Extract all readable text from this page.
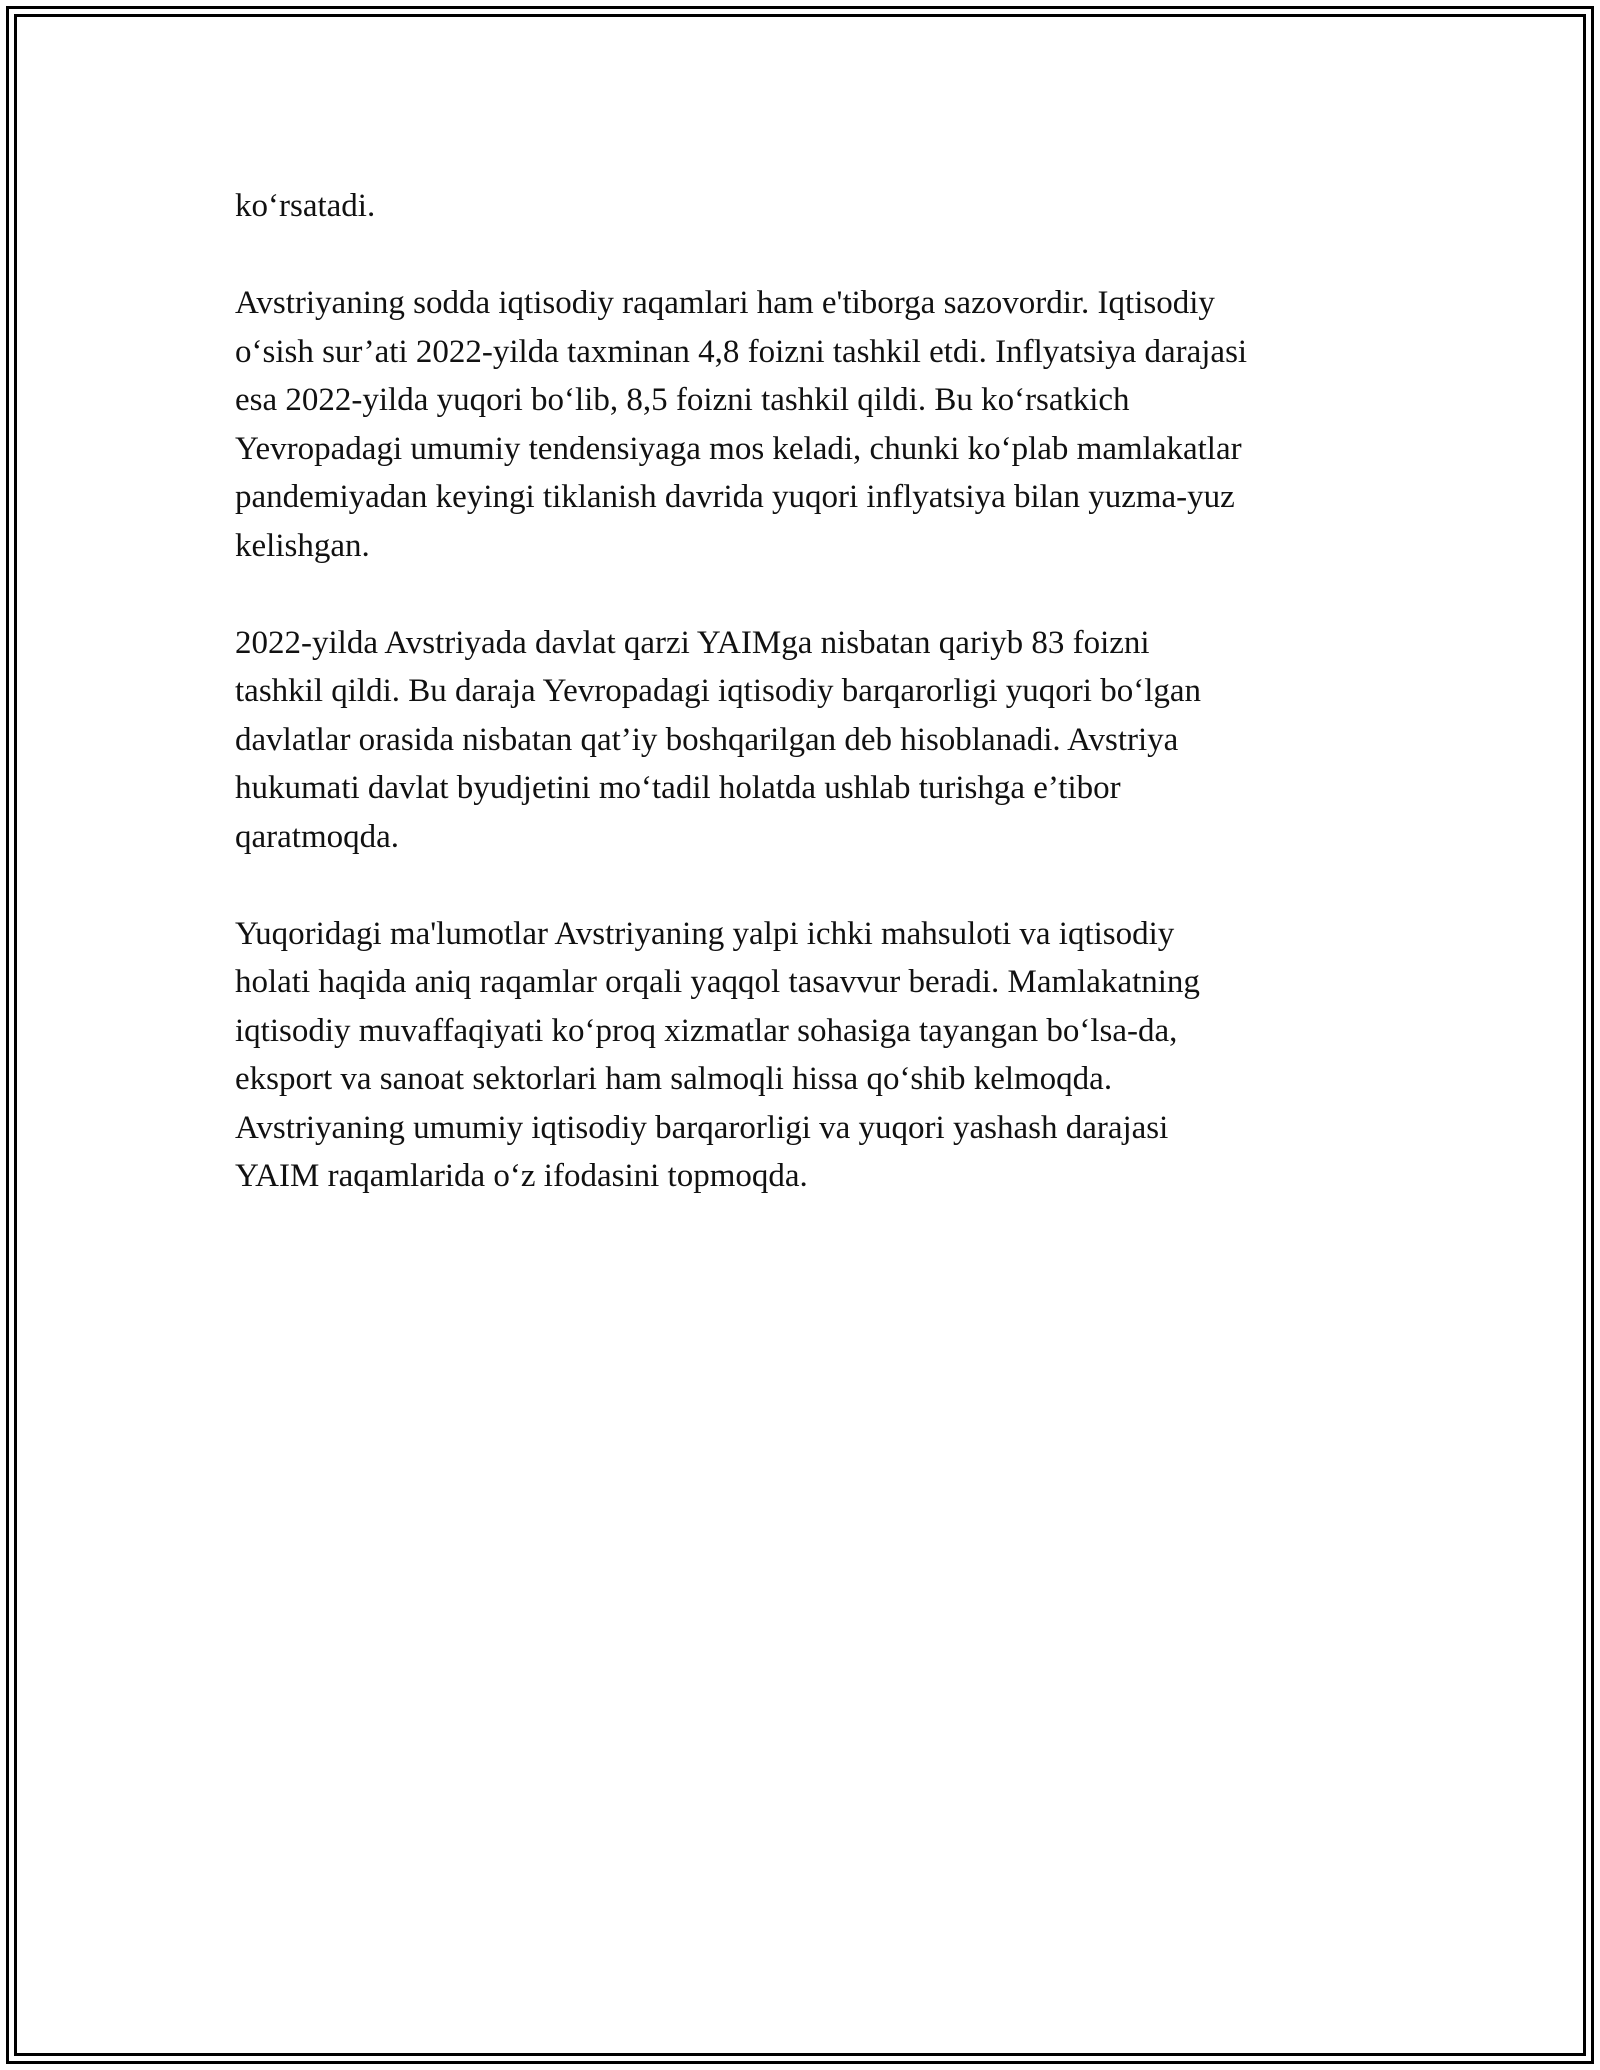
ko‘rsatadi.

Avstriyaning sodda iqtisodiy raqamlari ham e'tiborga sazovordir. Iqtisodiy
o‘sish sur’ati 2022-yilda taxminan 4,8 foizni tashkil etdi. Inflyatsiya darajasi
esa 2022-yilda yuqori bo‘lib, 8,5 foizni tashkil qildi. Bu ko‘rsatkich
Yevropadagi umumiy tendensiyaga mos keladi, chunki ko‘plab mamlakatlar
pandemiyadan keyingi tiklanish davrida yuqori inflyatsiya bilan yuzma-yuz
kelishgan.

2022-yilda Avstriyada davlat qarzi YAIMga nisbatan qariyb 83 foizni
tashkil qildi. Bu daraja Yevropadagi iqtisodiy barqarorligi yuqori bo‘lgan
davlatlar orasida nisbatan qat’iy boshqarilgan deb hisoblanadi. Avstriya
hukumati davlat byudjetini mo‘tadil holatda ushlab turishga e’tibor
qaratmoqda.

Yuqoridagi ma'lumotlar Avstriyaning yalpi ichki mahsuloti va iqtisodiy
holati haqida aniq raqamlar orqali yaqqol tasavvur beradi. Mamlakatning
iqtisodiy muvaffaqiyati ko‘proq xizmatlar sohasiga tayangan bo‘lsa-da,
eksport va sanoat sektorlari ham salmoqli hissa qo‘shib kelmoqda.
Avstriyaning umumiy iqtisodiy barqarorligi va yuqori yashash darajasi
YAIM raqamlarida o‘z ifodasini topmoqda.
